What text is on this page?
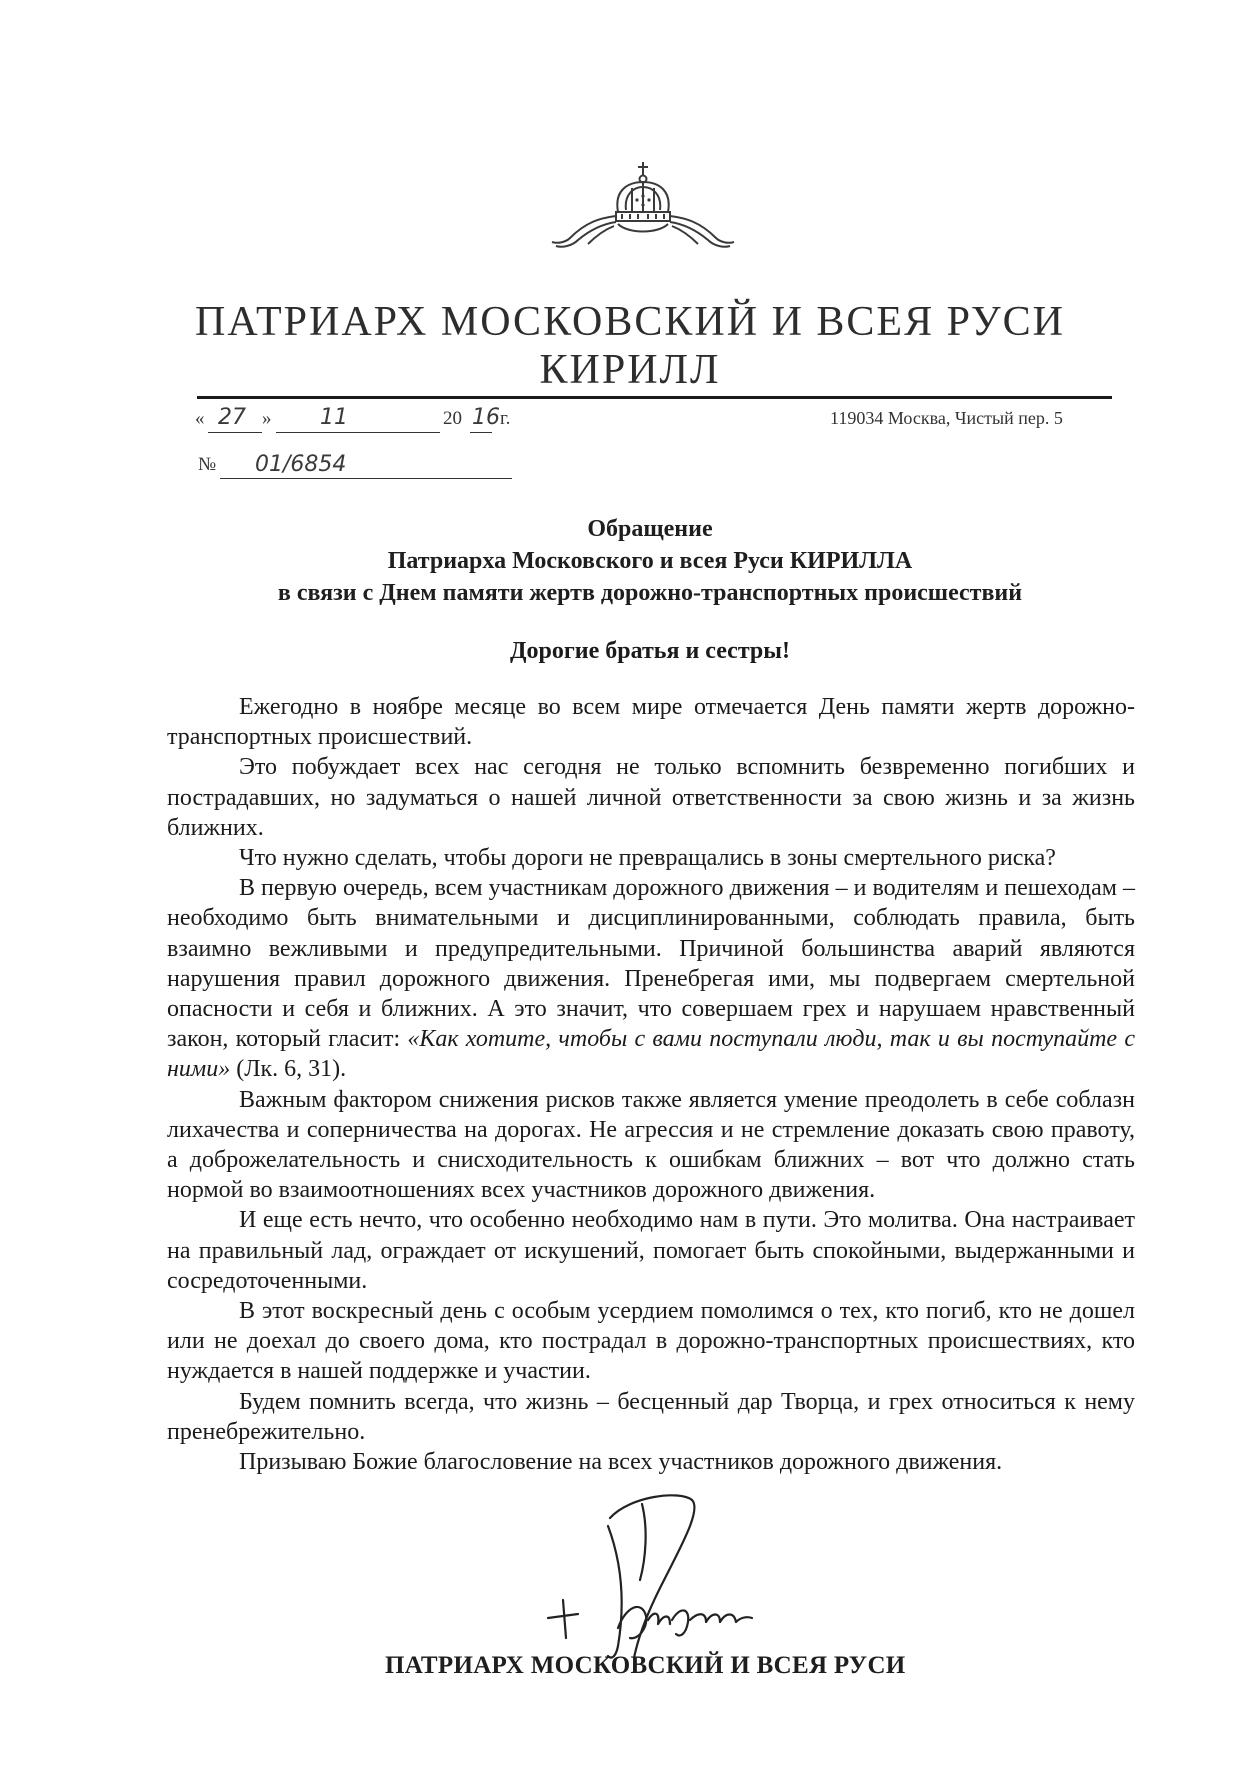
ПАТРИАРХ МОСКОВСКИЙ И ВСЕЯ РУСИ
КИРИЛЛ
« 27 » 11	20 16 г.	119034 Москва, Чистый пер. 5
№ 01/6854
Обращение
Патриарха Московского и всея Руси КИРИЛЛА
в связи с Днем памяти жертв дорожно-транспортных происшествий
Дорогие братья и сестры!

Ежегодно в ноябре месяце во всем мире отмечается День памяти жертв дорожно-транспортных происшествий.

Это побуждает всех нас сегодня не только вспомнить безвременно погибших и пострадавших, но задуматься о нашей личной ответственности за свою жизнь и за жизнь ближних.

Что нужно сделать, чтобы дороги не превращались в зоны смертельного риска?

В первую очередь, всем участникам дорожного движения – и водителям и пешеходам – необходимо быть внимательными и дисциплинированными, соблюдать правила, быть взаимно вежливыми и предупредительными. Причиной большинства аварий являются нарушения правил дорожного движения. Пренебрегая ими, мы подвергаем смертельной опасности и себя и ближних. А это значит, что совершаем грех и нарушаем нравственный закон, который гласит: «Как хотите, чтобы с вами поступали люди, так и вы поступайте с ними» (Лк. 6, 31).

Важным фактором снижения рисков также является умение преодолеть в себе соблазн лихачества и соперничества на дорогах. Не агрессия и не стремление доказать свою правоту, а доброжелательность и снисходительность к ошибкам ближних – вот что должно стать нормой во взаимоотношениях всех участников дорожного движения.

И еще есть нечто, что особенно необходимо нам в пути. Это молитва. Она настраивает на правильный лад, ограждает от искушений, помогает быть спокойными, выдержанными и сосредоточенными.

В этот воскресный день с особым усердием помолимся о тех, кто погиб, кто не дошел или не доехал до своего дома, кто пострадал в дорожно-транспортных происшествиях, кто нуждается в нашей поддержке и участии.

Будем помнить всегда, что жизнь – бесценный дар Творца, и грех относиться к нему пренебрежительно.

Призываю Божие благословение на всех участников дорожного движения.

ПАТРИАРХ МОСКОВСКИЙ И ВСЕЯ РУСИ
